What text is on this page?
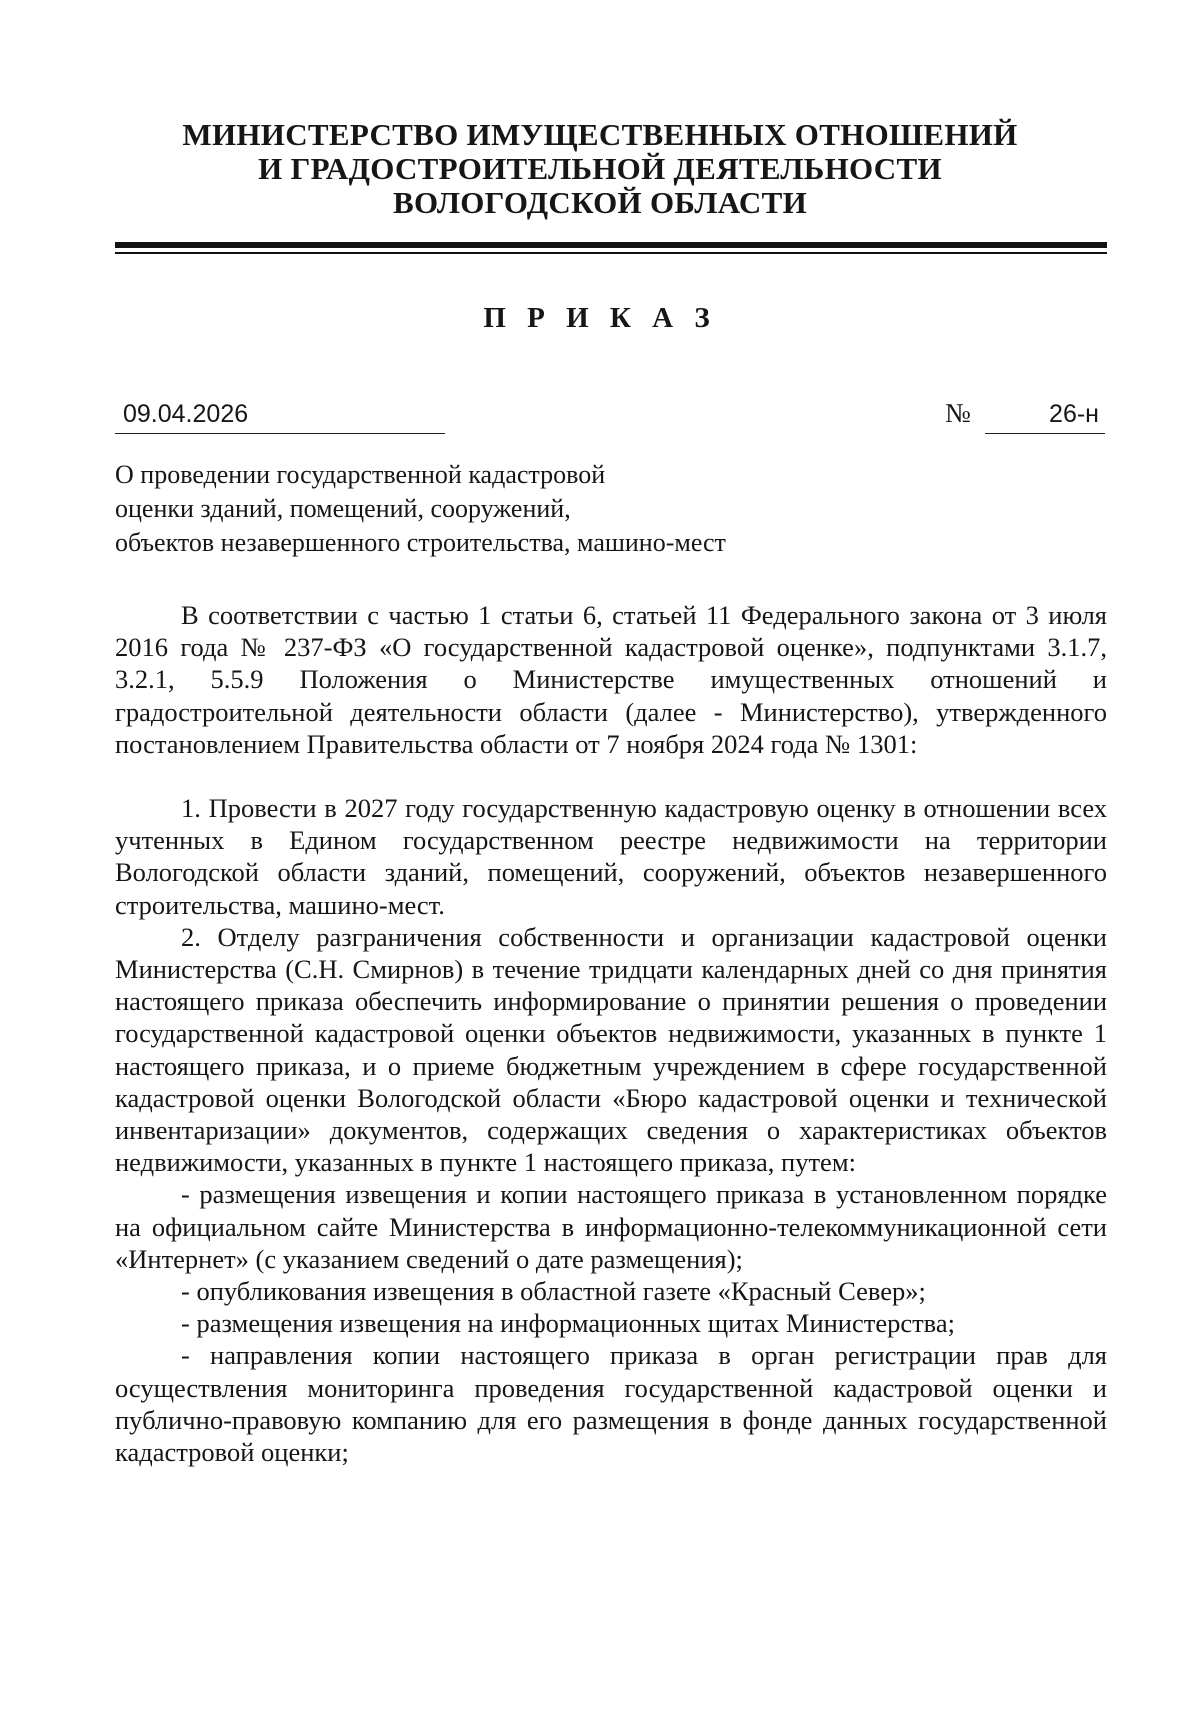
МИНИСТЕРСТВО ИМУЩЕСТВЕННЫХ ОТНОШЕНИЙ
И ГРАДОСТРОИТЕЛЬНОЙ ДЕЯТЕЛЬНОСТИ
ВОЛОГОДСКОЙ ОБЛАСТИ
П Р И К А З
09.04.2026	№	26-н
О проведении государственной кадастровой
оценки зданий, помещений, сооружений,
объектов незавершенного строительства, машино-мест

В соответствии с частью 1 статьи 6, статьей 11 Федерального закона от 3 июля 2016 года № 237-ФЗ «О государственной кадастровой оценке», подпунктами 3.1.7, 3.2.1, 5.5.9 Положения о Министерстве имущественных отношений и градостроительной деятельности области (далее - Министерство), утвержденного постановлением Правительства области от 7 ноября 2024 года № 1301:

1. Провести в 2027 году государственную кадастровую оценку в отношении всех учтенных в Едином государственном реестре недвижимости на территории Вологодской области зданий, помещений, сооружений, объектов незавершенного строительства, машино-мест.

2. Отделу разграничения собственности и организации кадастровой оценки Министерства (С.Н. Смирнов) в течение тридцати календарных дней со дня принятия настоящего приказа обеспечить информирование о принятии решения о проведении государственной кадастровой оценки объектов недвижимости, указанных в пункте 1 настоящего приказа, и о приеме бюджетным учреждением в сфере государственной кадастровой оценки Вологодской области «Бюро кадастровой оценки и технической инвентаризации» документов, содержащих сведения о характеристиках объектов недвижимости, указанных в пункте 1 настоящего приказа, путем:

- размещения извещения и копии настоящего приказа в установленном порядке на официальном сайте Министерства в информационно-телекоммуникационной сети «Интернет» (с указанием сведений о дате размещения);

- опубликования извещения в областной газете «Красный Север»;

- размещения извещения на информационных щитах Министерства;

- направления копии настоящего приказа в орган регистрации прав для осуществления мониторинга проведения государственной кадастровой оценки и публично-правовую компанию для его размещения в фонде данных государственной кадастровой оценки;
